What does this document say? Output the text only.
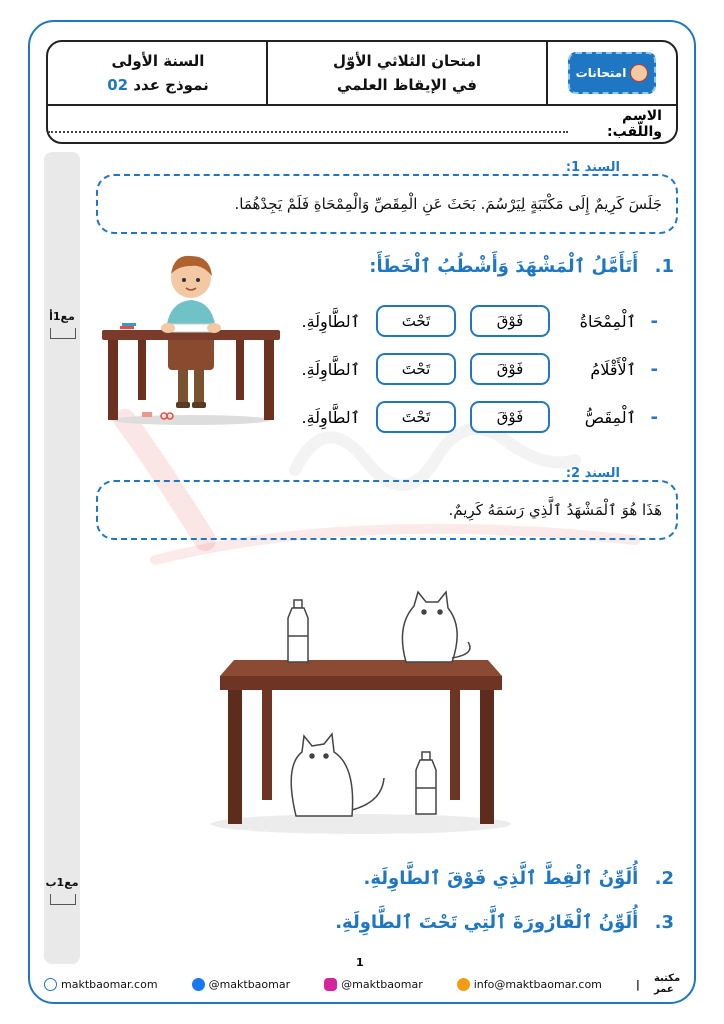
امتحانات
امتحان الثلاثي الأوّل
في الإيقاظ العلمي
السنة الأولى
نموذج عدد 02
الاسم واللّقب:
مع1أ
مع1ب
السند 1:
جَلَسَ كَرِيمٌ إِلَى مَكْتَبَةٍ لِيَرْسُمَ. بَحَثَ عَنِ الْمِقَصِّ وَالْمِمْحَاةِ فَلَمْ يَجِدْهُمَا.
1. أَتَأَمَّلُ ٱلْمَشْهَدَ وَأَشْطُبُ ٱلْخَطَأَ:
-
ٱلْمِمْحَاةُ
فَوْقَ
تَحْتَ
ٱلطَّاوِلَةِ.
-
ٱلْأَقْلَامُ
فَوْقَ
تَحْتَ
ٱلطَّاوِلَةِ.
-
ٱلْمِقَصُّ
فَوْقَ
تَحْتَ
ٱلطَّاوِلَةِ.
السند 2:
هَذَا هُوَ ٱلْمَشْهَدُ ٱلَّذِي رَسَمَهُ كَرِيمٌ.
2. أُلَوِّنُ ٱلْقِطَّ ٱلَّذِي فَوْقَ ٱلطَّاوِلَةِ.
3. أُلَوِّنُ ٱلْقَارُورَةَ ٱلَّتِي تَحْتَ ٱلطَّاوِلَةِ.
1
maktbaomar.com	@maktbaomar	@maktbaomar	info@maktbaomar.com	| مكتبة عمر
